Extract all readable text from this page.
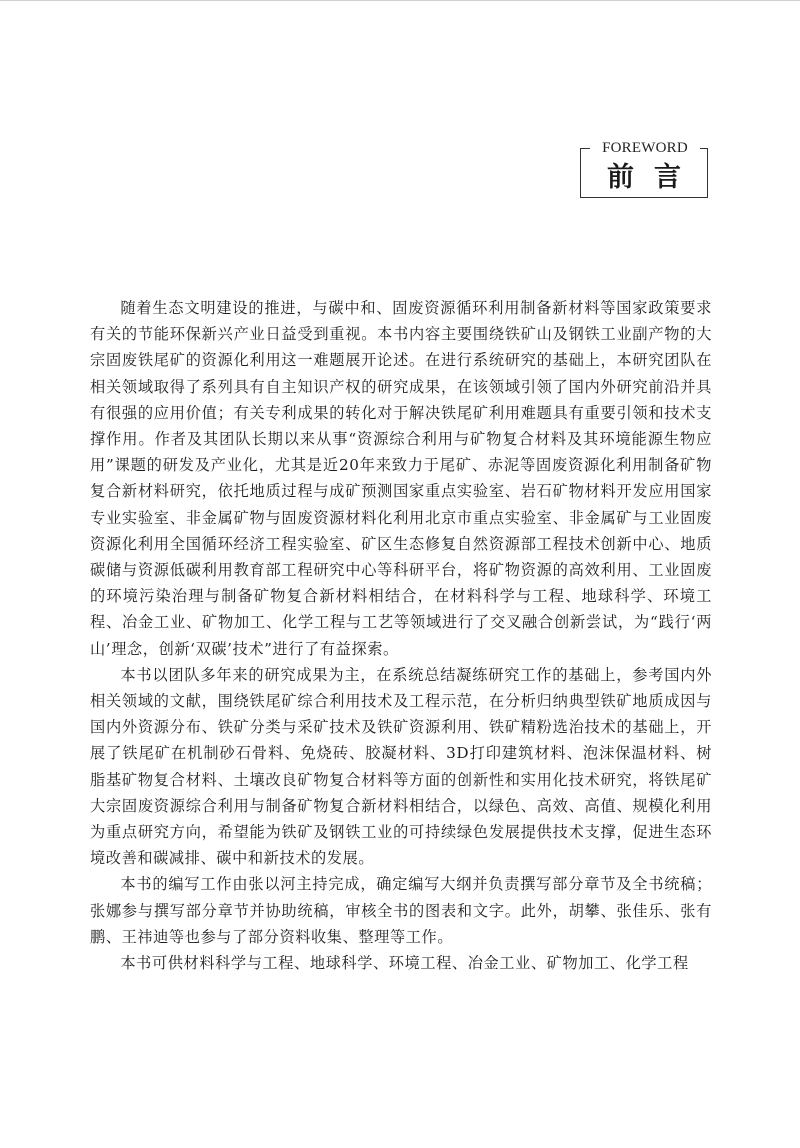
FOREWORD
前言

随着生态文明建设的推进，与碳中和、固废资源循环利用制备新材料等国家政策要求有关的节能环保新兴产业日益受到重视。本书内容主要围绕铁矿山及钢铁工业副产物的大宗固废铁尾矿的资源化利用这一难题展开论述。在进行系统研究的基础上，本研究团队在相关领域取得了系列具有自主知识产权的研究成果，在该领域引领了国内外研究前沿并具有很强的应用价值；有关专利成果的转化对于解决铁尾矿利用难题具有重要引领和技术支撑作用。作者及其团队长期以来从事“资源综合利用与矿物复合材料及其环境能源生物应用”课题的研发及产业化，尤其是近20年来致力于尾矿、赤泥等固废资源化利用制备矿物复合新材料研究，依托地质过程与成矿预测国家重点实验室、岩石矿物材料开发应用国家专业实验室、非金属矿物与固废资源材料化利用北京市重点实验室、非金属矿与工业固废资源化利用全国循环经济工程实验室、矿区生态修复自然资源部工程技术创新中心、地质碳储与资源低碳利用教育部工程研究中心等科研平台，将矿物资源的高效利用、工业固废的环境污染治理与制备矿物复合新材料相结合，在材料科学与工程、地球科学、环境工程、冶金工业、矿物加工、化学工程与工艺等领域进行了交叉融合创新尝试，为“践行‘两山’理念，创新‘双碳’技术”进行了有益探索。

本书以团队多年来的研究成果为主，在系统总结凝练研究工作的基础上，参考国内外相关领域的文献，围绕铁尾矿综合利用技术及工程示范，在分析归纳典型铁矿地质成因与国内外资源分布、铁矿分类与采矿技术及铁矿资源利用、铁矿精粉选治技术的基础上，开展了铁尾矿在机制砂石骨料、免烧砖、胶凝材料、3D打印建筑材料、泡沫保温材料、树脂基矿物复合材料、土壤改良矿物复合材料等方面的创新性和实用化技术研究，将铁尾矿大宗固废资源综合利用与制备矿物复合新材料相结合，以绿色、高效、高值、规模化利用为重点研究方向，希望能为铁矿及钢铁工业的可持续绿色发展提供技术支撑，促进生态环境改善和碳减排、碳中和新技术的发展。

本书的编写工作由张以河主持完成，确定编写大纲并负责撰写部分章节及全书统稿；张娜参与撰写部分章节并协助统稿，审核全书的图表和文字。此外，胡攀、张佳乐、张有鹏、王祎迪等也参与了部分资料收集、整理等工作。

本书可供材料科学与工程、地球科学、环境工程、冶金工业、矿物加工、化学工程
